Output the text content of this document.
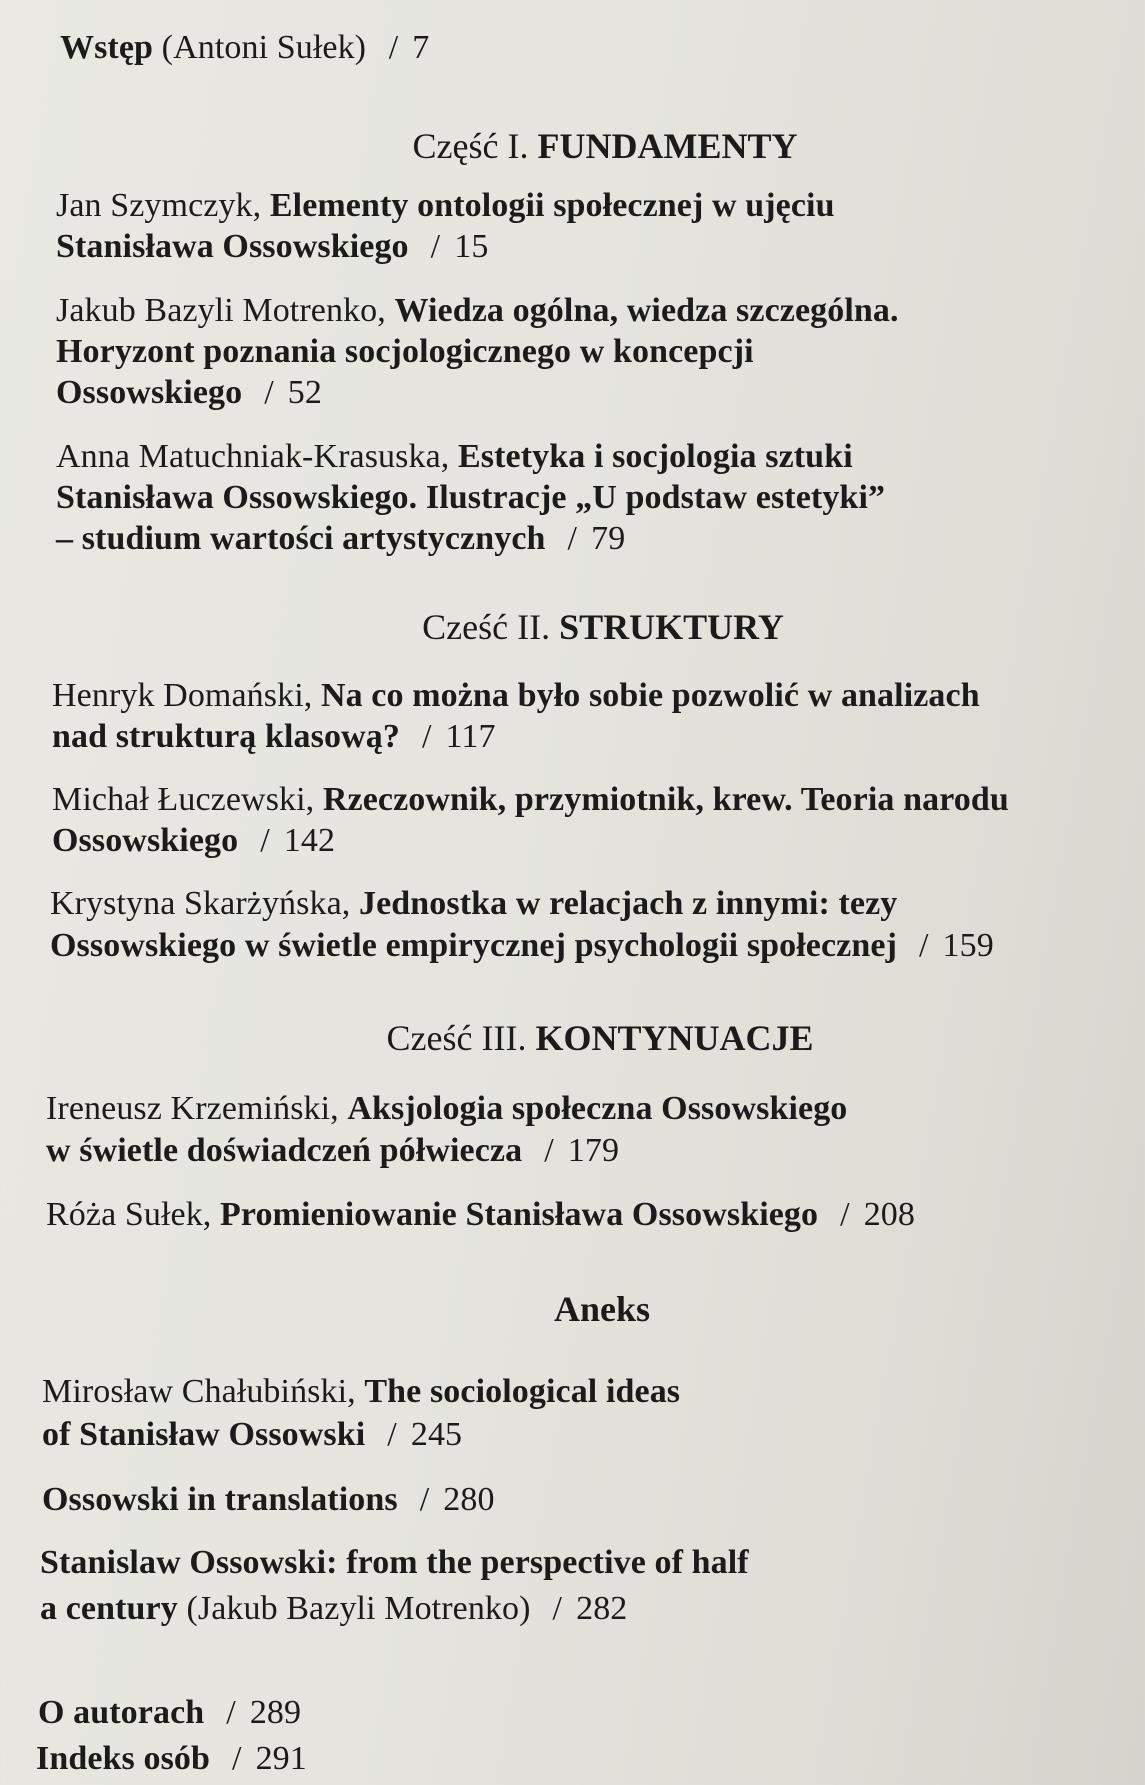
Wstęp (Antoni Sułek) / 7
Część I. FUNDAMENTY
Jan Szymczyk, Elementy ontologii społecznej w ujęciu
Stanisława Ossowskiego / 15
Jakub Bazyli Motrenko, Wiedza ogólna, wiedza szczególna.
Horyzont poznania socjologicznego w koncepcji
Ossowskiego / 52
Anna Matuchniak-Krasuska, Estetyka i socjologia sztuki
Stanisława Ossowskiego. Ilustracje „U podstaw estetyki”
– studium wartości artystycznych / 79
Cześć II. STRUKTURY
Henryk Domański, Na co można było sobie pozwolić w analizach
nad strukturą klasową? / 117
Michał Łuczewski, Rzeczownik, przymiotnik, krew. Teoria narodu
Ossowskiego / 142
Krystyna Skarżyńska, Jednostka w relacjach z innymi: tezy
Ossowskiego w świetle empirycznej psychologii społecznej / 159
Cześć III. KONTYNUACJE
Ireneusz Krzemiński, Aksjologia społeczna Ossowskiego
w świetle doświadczeń półwiecza / 179
Róża Sułek, Promieniowanie Stanisława Ossowskiego / 208
Aneks
Mirosław Chałubiński, The sociological ideas
of Stanisław Ossowski / 245
Ossowski in translations / 280
Stanislaw Ossowski: from the perspective of half
a century (Jakub Bazyli Motrenko) / 282
O autorach / 289
Indeks osób / 291
